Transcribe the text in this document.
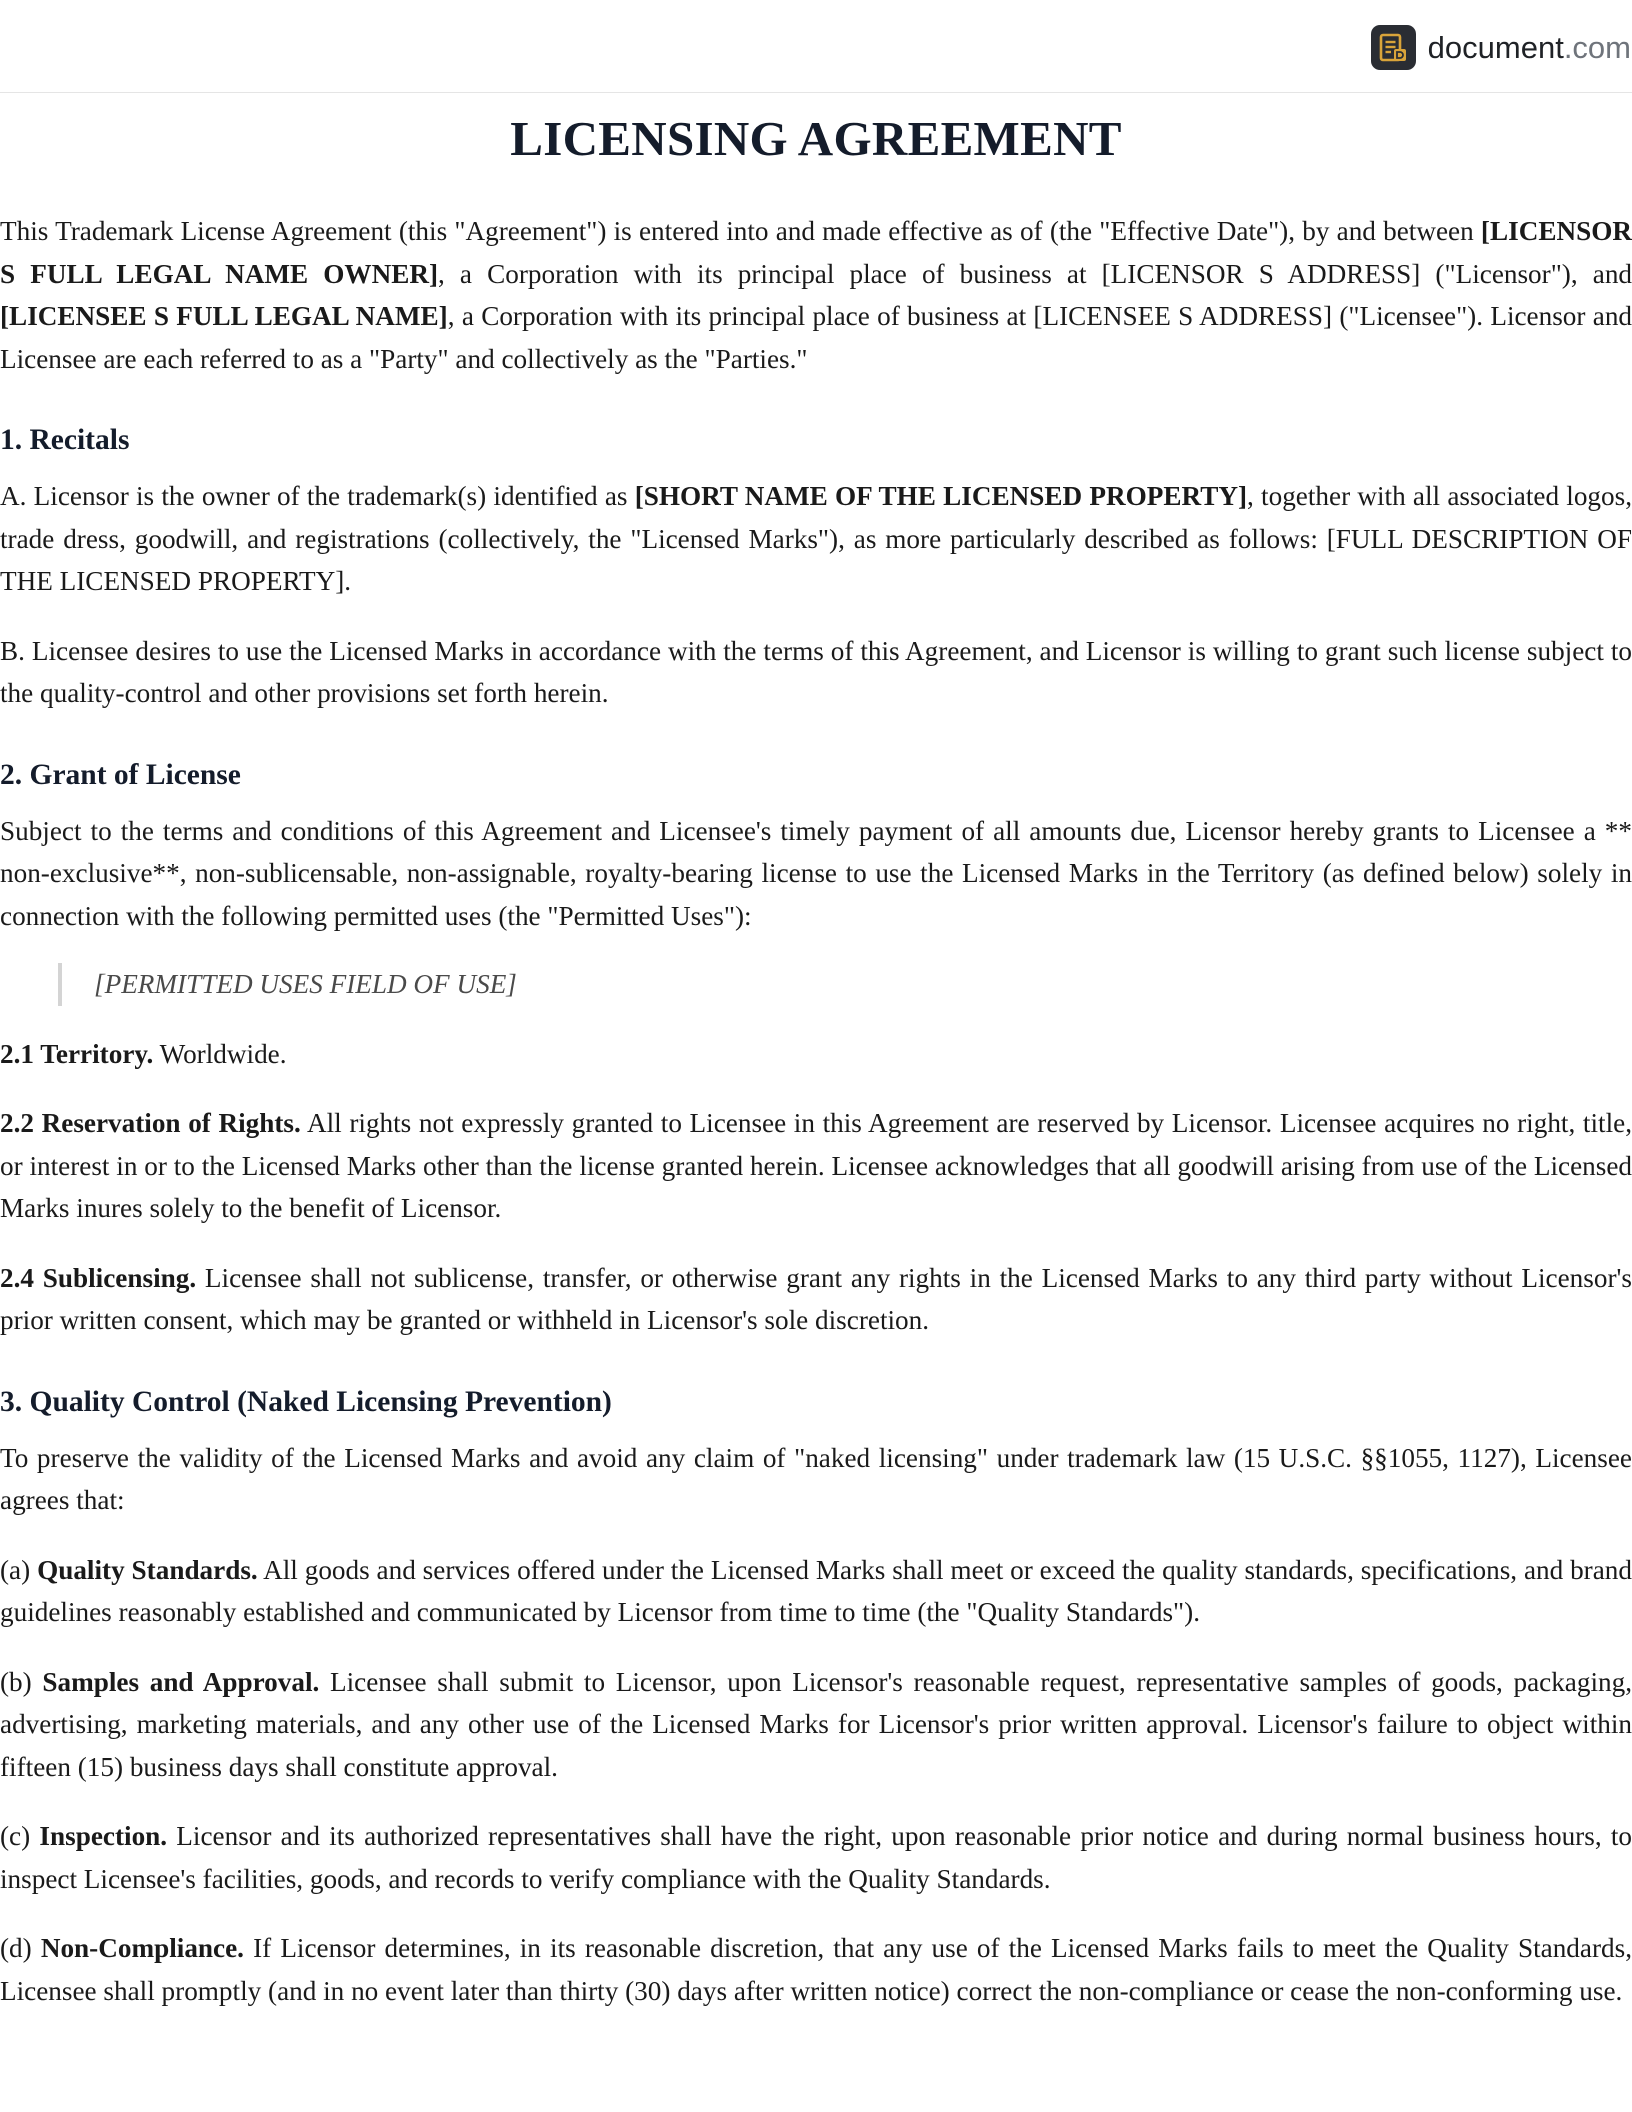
document.com
LICENSING AGREEMENT

This Trademark License Agreement (this "Agreement") is entered into and made effective as of (the "Effective Date"), by and between [LICENSOR S FULL LEGAL NAME OWNER], a Corporation with its principal place of business at [LICENSOR S ADDRESS] ("Licensor"), and [LICENSEE S FULL LEGAL NAME], a Corporation with its principal place of business at [LICENSEE S ADDRESS] ("Licensee"). Licensor and Licensee are each referred to as a "Party" and collectively as the "Parties."

1. Recitals

A. Licensor is the owner of the trademark(s) identified as [SHORT NAME OF THE LICENSED PROPERTY], together with all associated logos, trade dress, goodwill, and registrations (collectively, the "Licensed Marks"), as more particularly described as follows: [FULL DESCRIPTION OF THE LICENSED PROPERTY].

B. Licensee desires to use the Licensed Marks in accordance with the terms of this Agreement, and Licensor is willing to grant such license subject to the quality-control and other provisions set forth herein.

2. Grant of License

Subject to the terms and conditions of this Agreement and Licensee's timely payment of all amounts due, Licensor hereby grants to Licensee a ** non-exclusive**, non-sublicensable, non-assignable, royalty-bearing license to use the Licensed Marks in the Territory (as defined below) solely in connection with the following permitted uses (the "Permitted Uses"):

[PERMITTED USES FIELD OF USE]

2.1 Territory. Worldwide.

2.2 Reservation of Rights. All rights not expressly granted to Licensee in this Agreement are reserved by Licensor. Licensee acquires no right, title, or interest in or to the Licensed Marks other than the license granted herein. Licensee acknowledges that all goodwill arising from use of the Licensed Marks inures solely to the benefit of Licensor.

2.4 Sublicensing. Licensee shall not sublicense, transfer, or otherwise grant any rights in the Licensed Marks to any third party without Licensor's prior written consent, which may be granted or withheld in Licensor's sole discretion.

3. Quality Control (Naked Licensing Prevention)

To preserve the validity of the Licensed Marks and avoid any claim of "naked licensing" under trademark law (15 U.S.C. §§1055, 1127), Licensee agrees that:

(a) Quality Standards. All goods and services offered under the Licensed Marks shall meet or exceed the quality standards, specifications, and brand guidelines reasonably established and communicated by Licensor from time to time (the "Quality Standards").

(b) Samples and Approval. Licensee shall submit to Licensor, upon Licensor's reasonable request, representative samples of goods, packaging, advertising, marketing materials, and any other use of the Licensed Marks for Licensor's prior written approval. Licensor's failure to object within fifteen (15) business days shall constitute approval.

(c) Inspection. Licensor and its authorized representatives shall have the right, upon reasonable prior notice and during normal business hours, to inspect Licensee's facilities, goods, and records to verify compliance with the Quality Standards.

(d) Non-Compliance. If Licensor determines, in its reasonable discretion, that any use of the Licensed Marks fails to meet the Quality Standards, Licensee shall promptly (and in no event later than thirty (30) days after written notice) correct the non-compliance or cease the non-conforming use.
